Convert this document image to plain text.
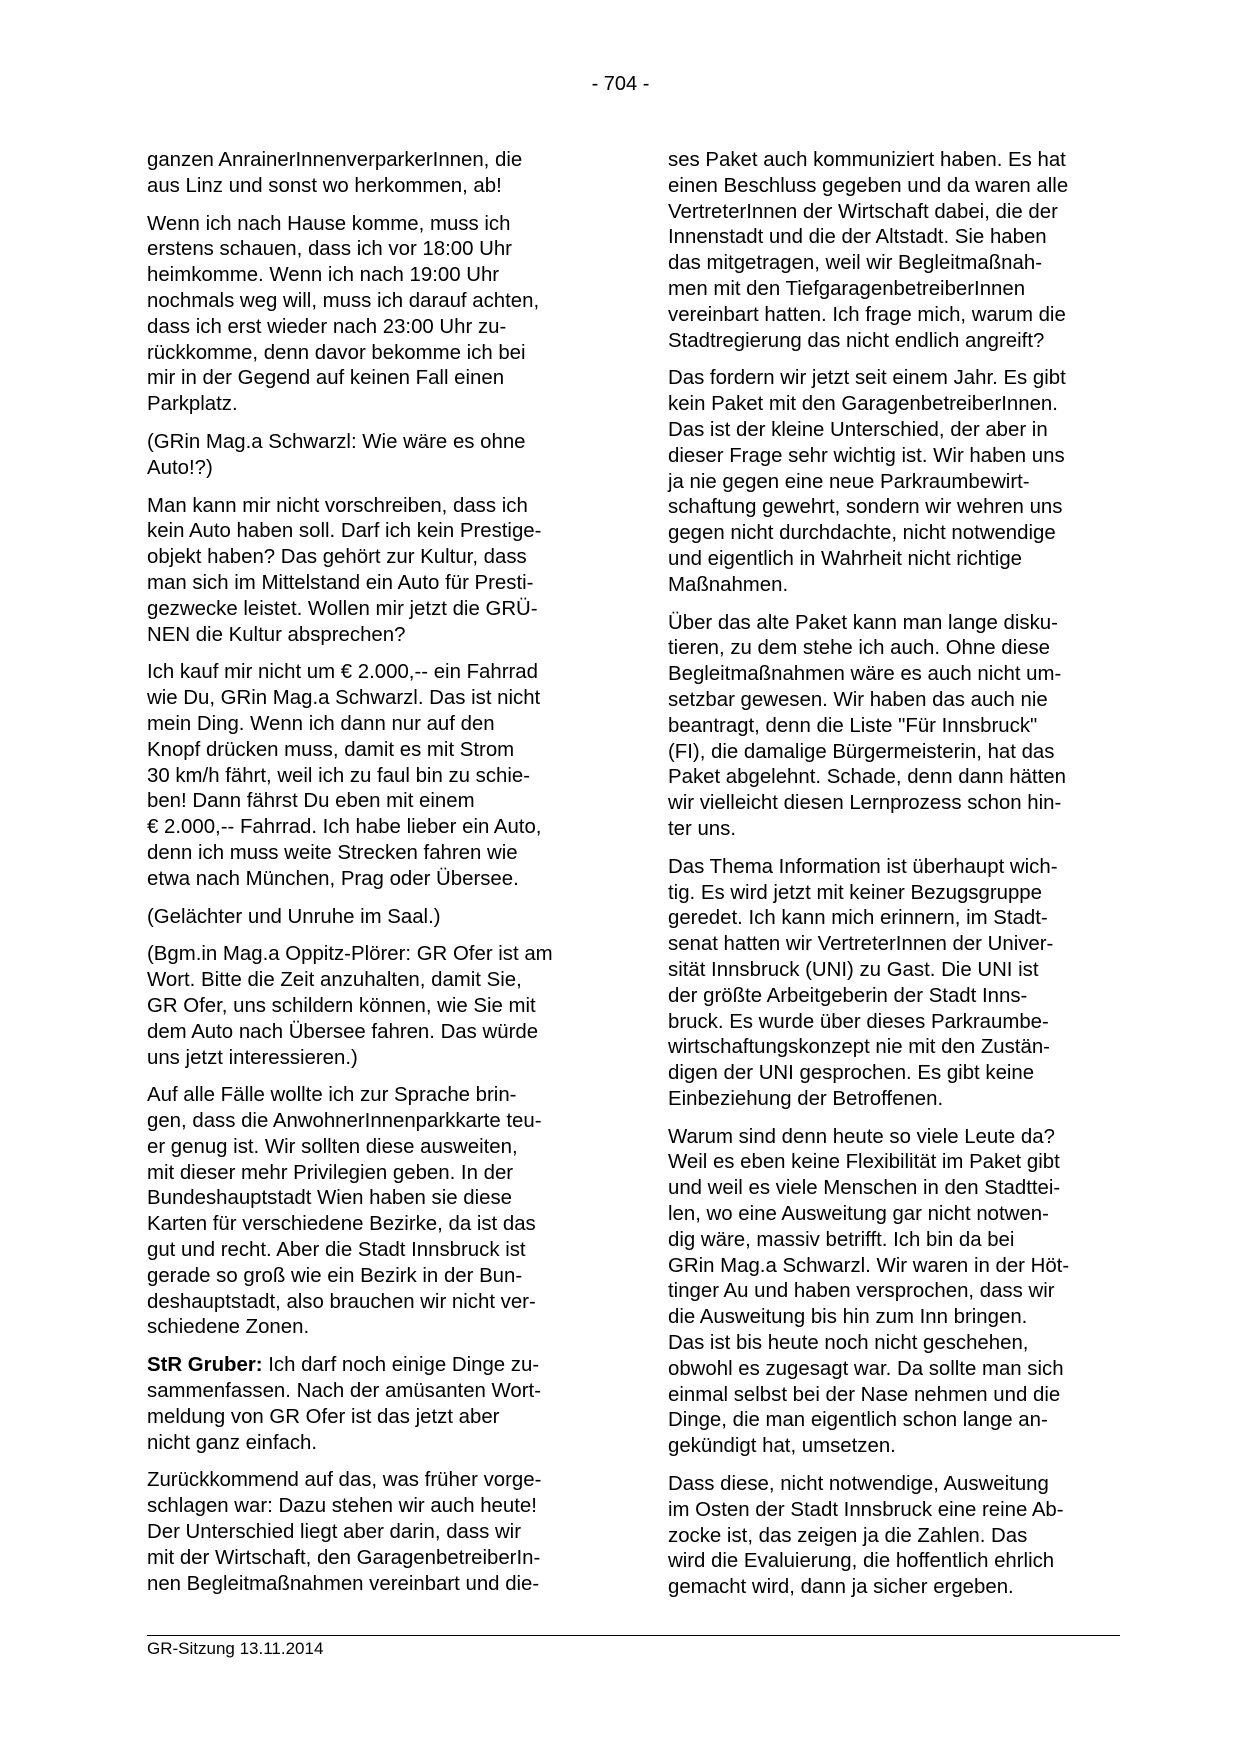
- 704 -

ganzen AnrainerInnenverparkerInnen, die
aus Linz und sonst wo herkommen, ab!

Wenn ich nach Hause komme, muss ich
erstens schauen, dass ich vor 18:00 Uhr
heimkomme. Wenn ich nach 19:00 Uhr
nochmals weg will, muss ich darauf achten,
dass ich erst wieder nach 23:00 Uhr zu-
rückkomme, denn davor bekomme ich bei
mir in der Gegend auf keinen Fall einen
Parkplatz.

(GRin Mag.a Schwarzl: Wie wäre es ohne
Auto!?)

Man kann mir nicht vorschreiben, dass ich
kein Auto haben soll. Darf ich kein Prestige-
objekt haben? Das gehört zur Kultur, dass
man sich im Mittelstand ein Auto für Presti-
gezwecke leistet. Wollen mir jetzt die GRÜ-
NEN die Kultur absprechen?

Ich kauf mir nicht um € 2.000,-- ein Fahrrad
wie Du, GRin Mag.a Schwarzl. Das ist nicht
mein Ding. Wenn ich dann nur auf den
Knopf drücken muss, damit es mit Strom
30 km/h fährt, weil ich zu faul bin zu schie-
ben! Dann fährst Du eben mit einem
€ 2.000,-- Fahrrad. Ich habe lieber ein Auto,
denn ich muss weite Strecken fahren wie
etwa nach München, Prag oder Übersee.

(Gelächter und Unruhe im Saal.)

(Bgm.in Mag.a Oppitz-Plörer: GR Ofer ist am
Wort. Bitte die Zeit anzuhalten, damit Sie,
GR Ofer, uns schildern können, wie Sie mit
dem Auto nach Übersee fahren. Das würde
uns jetzt interessieren.)

Auf alle Fälle wollte ich zur Sprache brin-
gen, dass die AnwohnerInnenparkkarte teu-
er genug ist. Wir sollten diese ausweiten,
mit dieser mehr Privilegien geben. In der
Bundeshauptstadt Wien haben sie diese
Karten für verschiedene Bezirke, da ist das
gut und recht. Aber die Stadt Innsbruck ist
gerade so groß wie ein Bezirk in der Bun-
deshauptstadt, also brauchen wir nicht ver-
schiedene Zonen.

StR Gruber: Ich darf noch einige Dinge zu-
sammenfassen. Nach der amüsanten Wort-
meldung von GR Ofer ist das jetzt aber
nicht ganz einfach.

Zurückkommend auf das, was früher vorge-
schlagen war: Dazu stehen wir auch heute!
Der Unterschied liegt aber darin, dass wir
mit der Wirtschaft, den GaragenbetreiberIn-
nen Begleitmaßnahmen vereinbart und die-

ses Paket auch kommuniziert haben. Es hat
einen Beschluss gegeben und da waren alle
VertreterInnen der Wirtschaft dabei, die der
Innenstadt und die der Altstadt. Sie haben
das mitgetragen, weil wir Begleitmaßnah-
men mit den TiefgaragenbetreiberInnen
vereinbart hatten. Ich frage mich, warum die
Stadtregierung das nicht endlich angreift?

Das fordern wir jetzt seit einem Jahr. Es gibt
kein Paket mit den GaragenbetreiberInnen.
Das ist der kleine Unterschied, der aber in
dieser Frage sehr wichtig ist. Wir haben uns
ja nie gegen eine neue Parkraumbewirt-
schaftung gewehrt, sondern wir wehren uns
gegen nicht durchdachte, nicht notwendige
und eigentlich in Wahrheit nicht richtige
Maßnahmen.

Über das alte Paket kann man lange disku-
tieren, zu dem stehe ich auch. Ohne diese
Begleitmaßnahmen wäre es auch nicht um-
setzbar gewesen. Wir haben das auch nie
beantragt, denn die Liste "Für Innsbruck"
(FI), die damalige Bürgermeisterin, hat das
Paket abgelehnt. Schade, denn dann hätten
wir vielleicht diesen Lernprozess schon hin-
ter uns.

Das Thema Information ist überhaupt wich-
tig. Es wird jetzt mit keiner Bezugsgruppe
geredet. Ich kann mich erinnern, im Stadt-
senat hatten wir VertreterInnen der Univer-
sität Innsbruck (UNI) zu Gast. Die UNI ist
der größte Arbeitgeberin der Stadt Inns-
bruck. Es wurde über dieses Parkraumbe-
wirtschaftungskonzept nie mit den Zustän-
digen der UNI gesprochen. Es gibt keine
Einbeziehung der Betroffenen.

Warum sind denn heute so viele Leute da?
Weil es eben keine Flexibilität im Paket gibt
und weil es viele Menschen in den Stadttei-
len, wo eine Ausweitung gar nicht notwen-
dig wäre, massiv betrifft. Ich bin da bei
GRin Mag.a Schwarzl. Wir waren in der Höt-
tinger Au und haben versprochen, dass wir
die Ausweitung bis hin zum Inn bringen.
Das ist bis heute noch nicht geschehen,
obwohl es zugesagt war. Da sollte man sich
einmal selbst bei der Nase nehmen und die
Dinge, die man eigentlich schon lange an-
gekündigt hat, umsetzen.

Dass diese, nicht notwendige, Ausweitung
im Osten der Stadt Innsbruck eine reine Ab-
zocke ist, das zeigen ja die Zahlen. Das
wird die Evaluierung, die hoffentlich ehrlich
gemacht wird, dann ja sicher ergeben.

GR-Sitzung 13.11.2014
